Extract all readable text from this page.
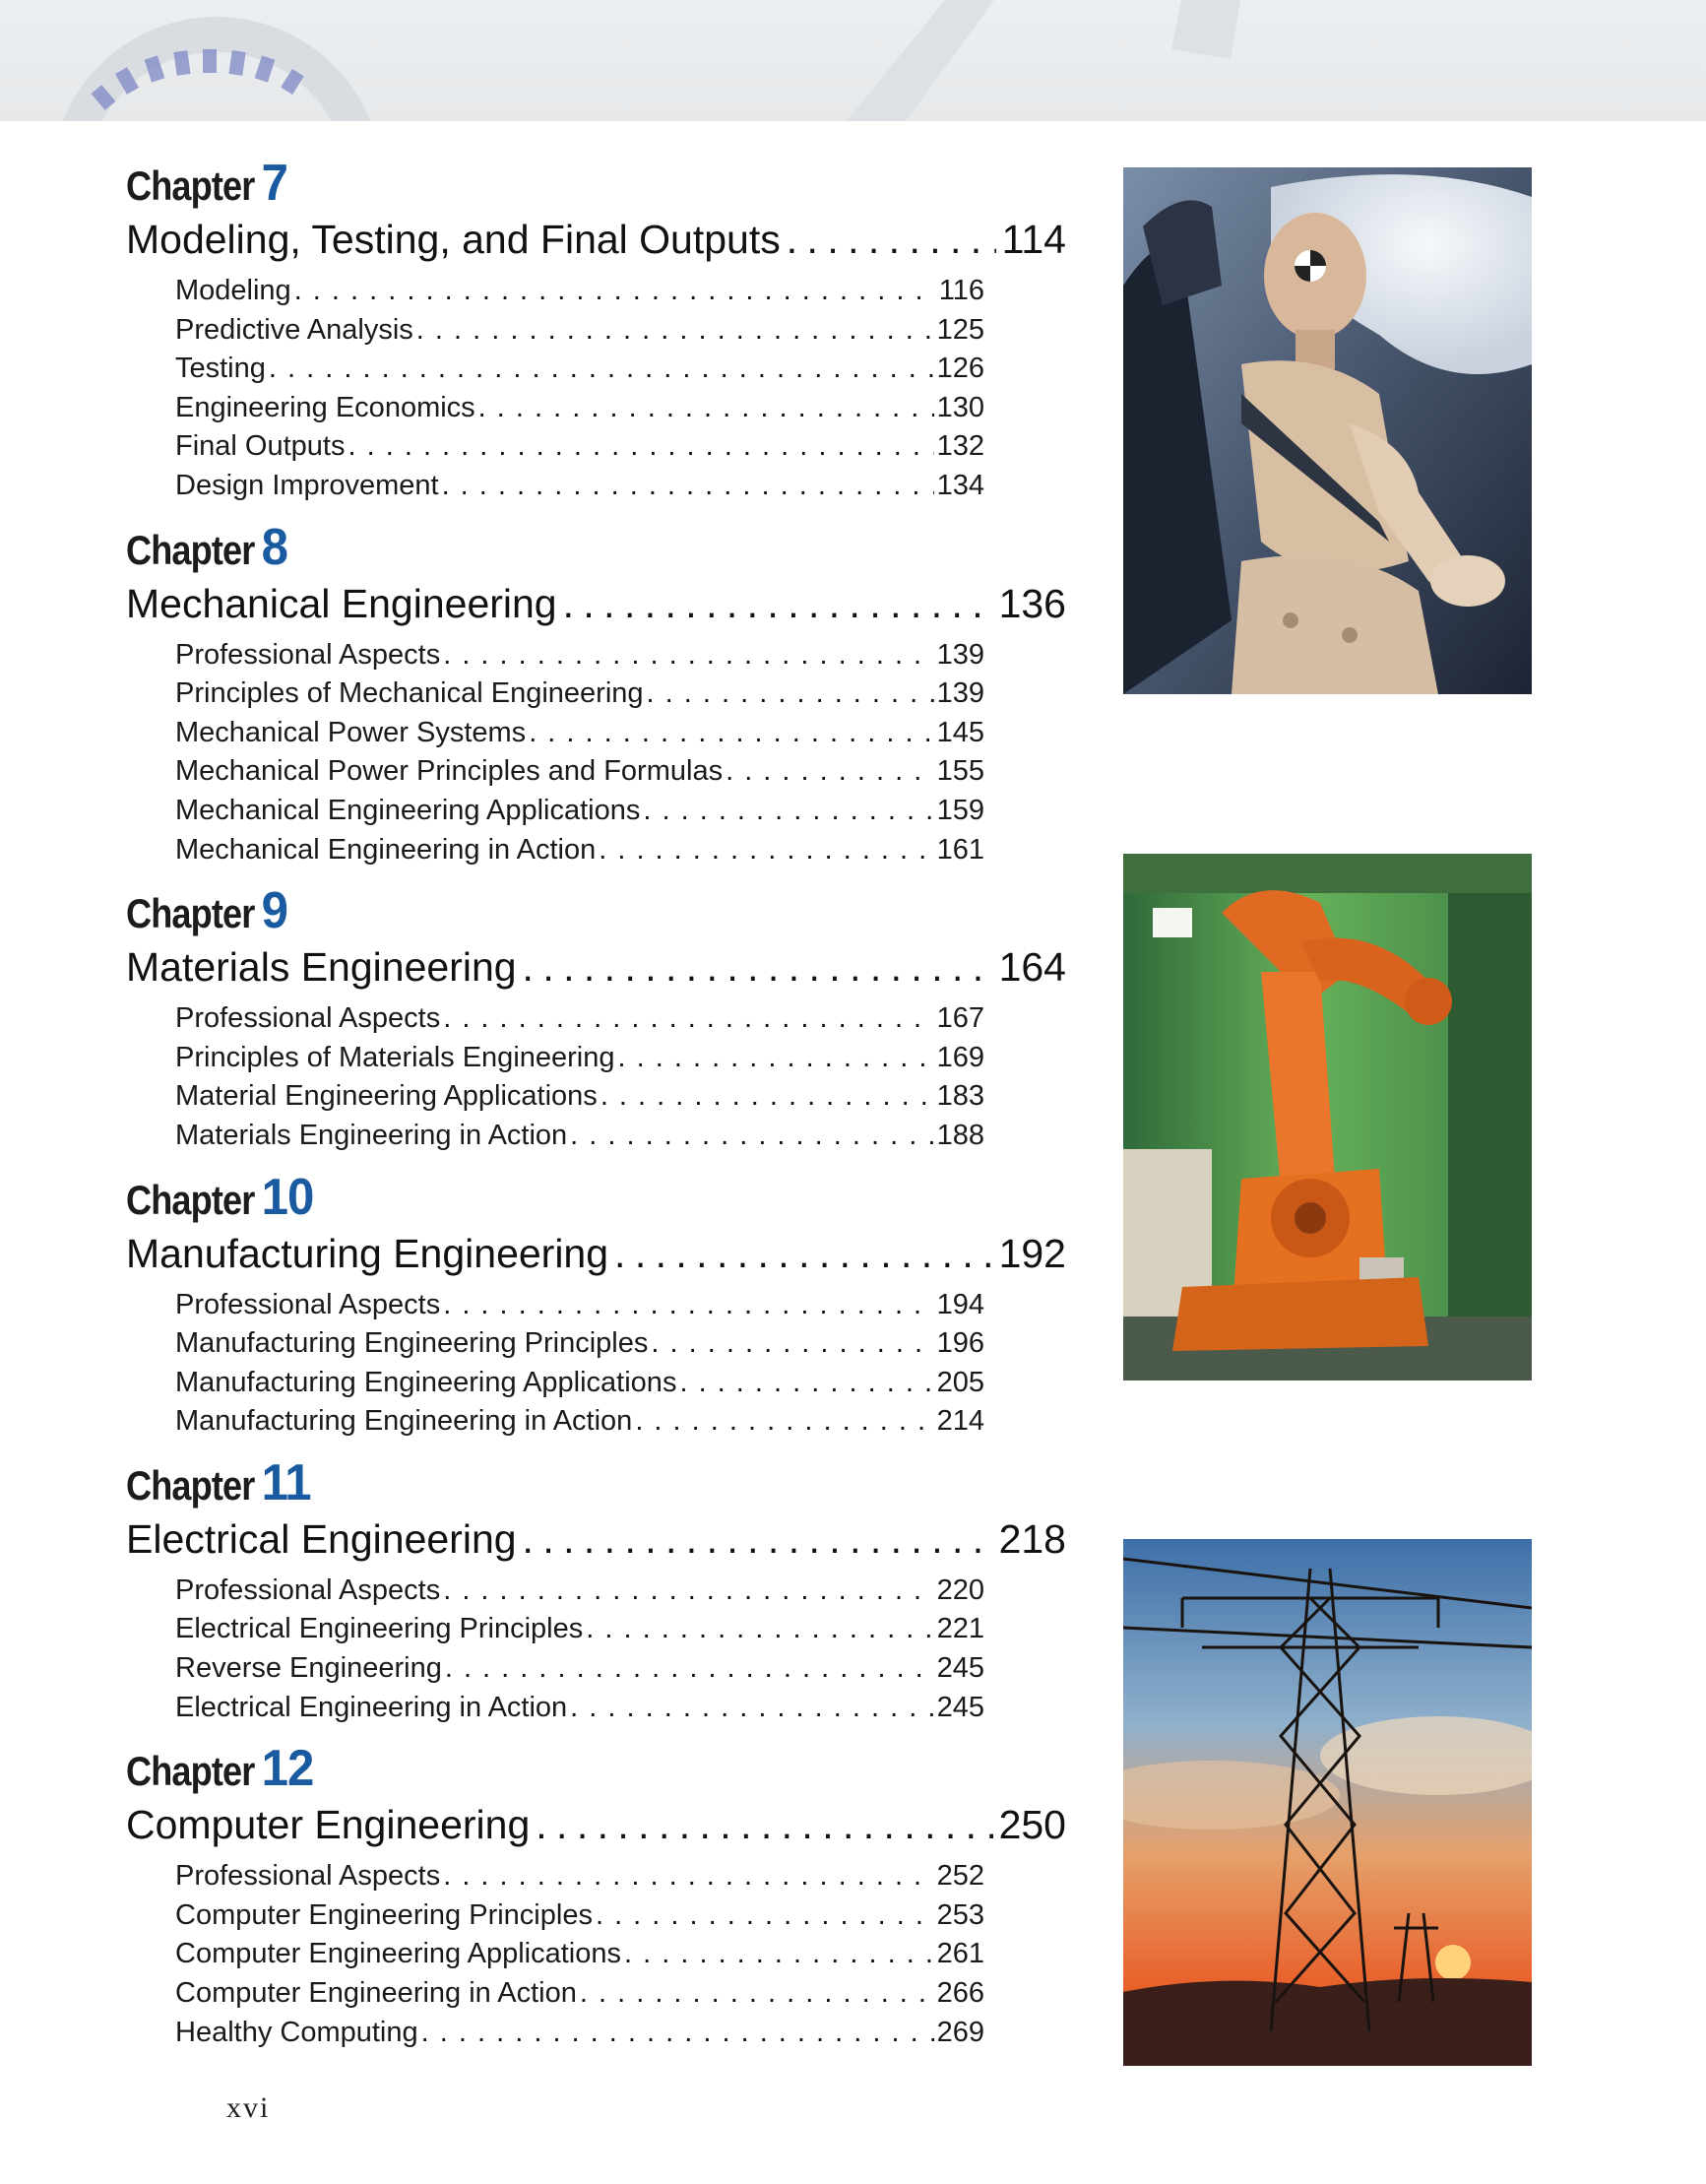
Chapter 7
Modeling, Testing, and Final Outputs . . .	114
Modeling . . .	116
Predictive Analysis . . .	125
Testing . . .	126
Engineering Economics . . .	130
Final Outputs . . .	132
Design Improvement . . .	134
Chapter 8
Mechanical Engineering . . .	136
Professional Aspects . . .	139
Principles of Mechanical Engineering . . .	139
Mechanical Power Systems . . .	145
Mechanical Power Principles and Formulas . . .	155
Mechanical Engineering Applications . . .	159
Mechanical Engineering in Action . . .	161
Chapter 9
Materials Engineering . . .	164
Professional Aspects . . .	167
Principles of Materials Engineering . . .	169
Material Engineering Applications . . .	183
Materials Engineering in Action . . .	188
Chapter 10
Manufacturing Engineering . . .	192
Professional Aspects . . .	194
Manufacturing Engineering Principles . . .	196
Manufacturing Engineering Applications . . .	205
Manufacturing Engineering in Action . . .	214
Chapter 11
Electrical Engineering . . .	218
Professional Aspects . . .	220
Electrical Engineering Principles . . .	221
Reverse Engineering . . .	245
Electrical Engineering in Action . . .	245
Chapter 12
Computer Engineering . . .	250
Professional Aspects . . .	252
Computer Engineering Principles . . .	253
Computer Engineering Applications . . .	261
Computer Engineering in Action . . .	266
Healthy Computing . . .	269
xvi
